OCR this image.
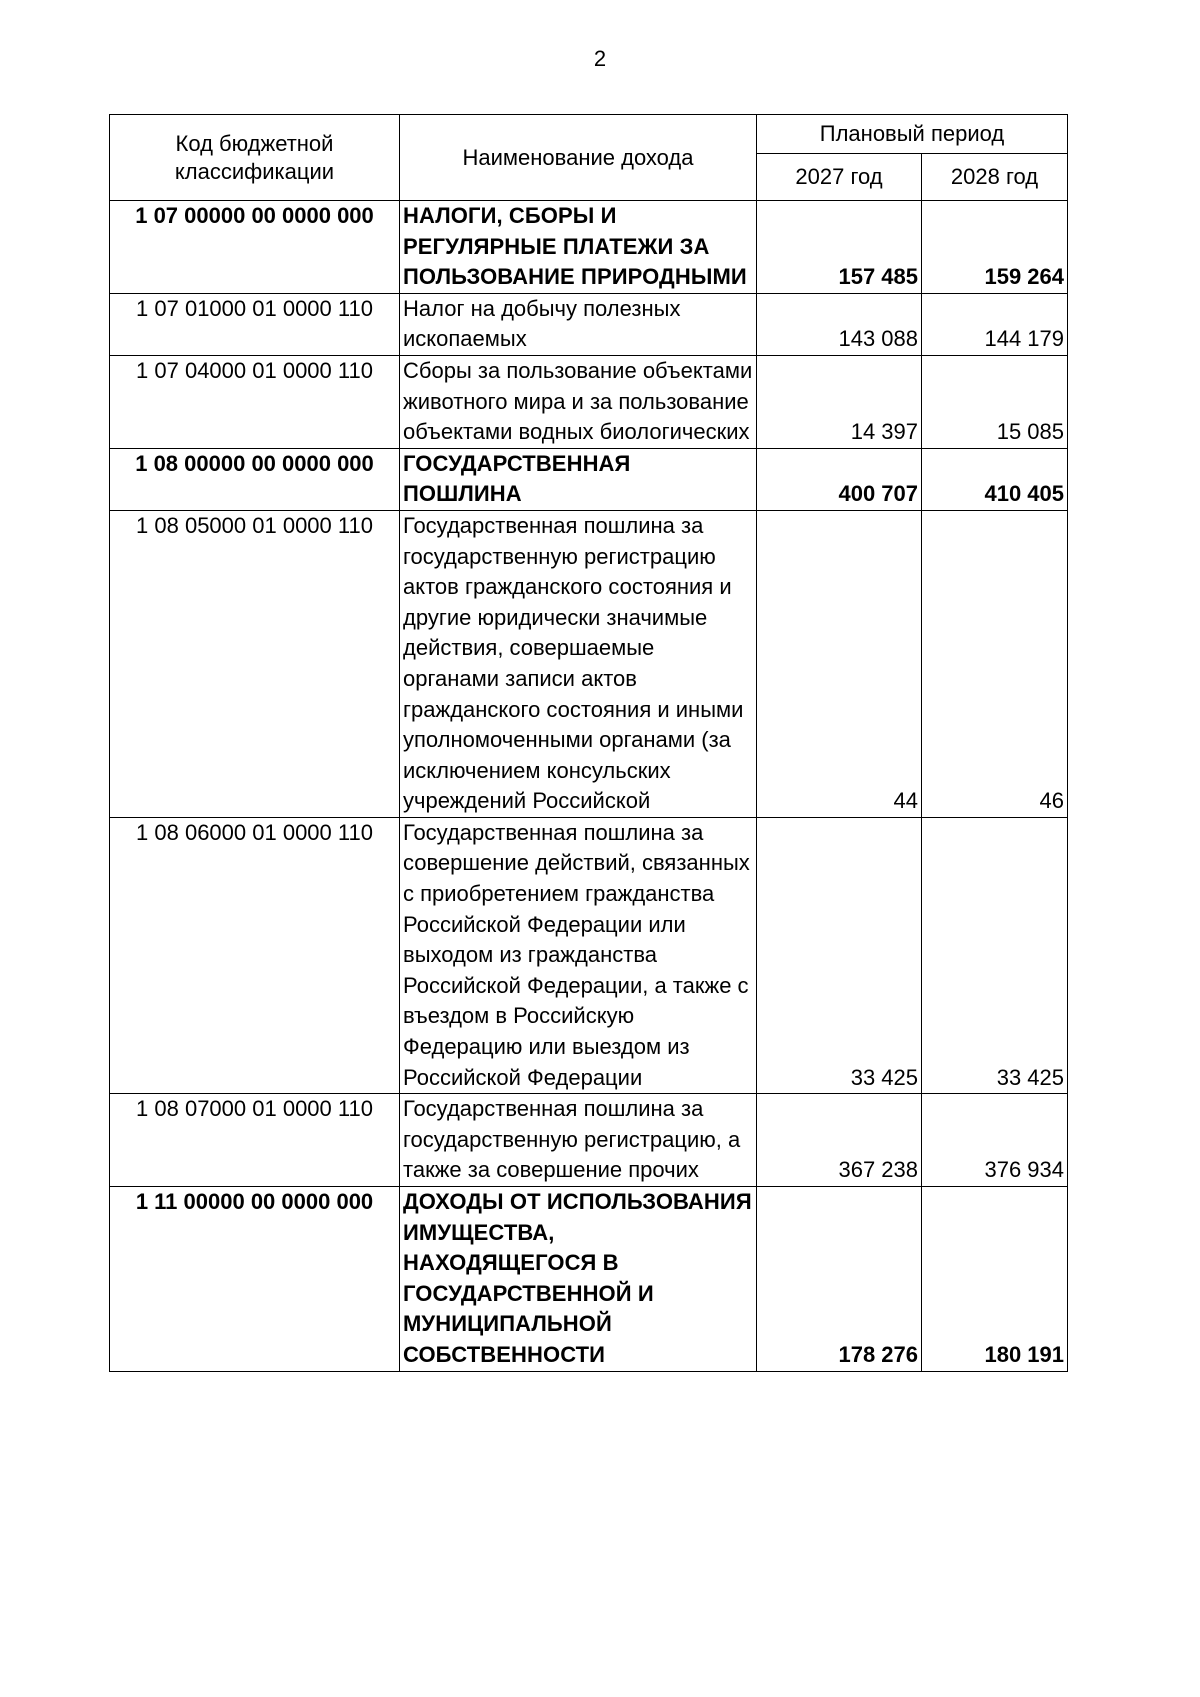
2
Код бюджетной классификации	Наименование дохода	Плановый период	
		2027 год	2028 год
1 07 00000 00 0000 000	НАЛОГИ, СБОРЫ И РЕГУЛЯРНЫЕ ПЛАТЕЖИ ЗА ПОЛЬЗОВАНИЕ ПРИРОДНЫМИ	157 485	159 264
1 07 01000 01 0000 110	Налог на добычу полезных ископаемых	143 088	144 179
1 07 04000 01 0000 110	Сборы за пользование объектами животного мира и за пользование объектами водных биологических	14 397	15 085
1 08 00000 00 0000 000	ГОСУДАРСТВЕННАЯ ПОШЛИНА	400 707	410 405
1 08 05000 01 0000 110	Государственная пошлина за государственную регистрацию актов гражданского состояния и другие юридически значимые действия, совершаемые органами записи актов гражданского состояния и иными уполномоченными органами (за исключением консульских учреждений Российской	44	46
1 08 06000 01 0000 110	Государственная пошлина за совершение действий, связанных с приобретением гражданства Российской Федерации или выходом из гражданства Российской Федерации, а также с въездом в Российскую Федерацию или выездом из Российской Федерации	33 425	33 425
1 08 07000 01 0000 110	Государственная пошлина за государственную регистрацию, а также за совершение прочих	367 238	376 934
1 11 00000 00 0000 000	ДОХОДЫ ОТ ИСПОЛЬЗОВАНИЯ ИМУЩЕСТВА, НАХОДЯЩЕГОСЯ В ГОСУДАРСТВЕННОЙ И МУНИЦИПАЛЬНОЙ СОБСТВЕННОСТИ	178 276	180 191
